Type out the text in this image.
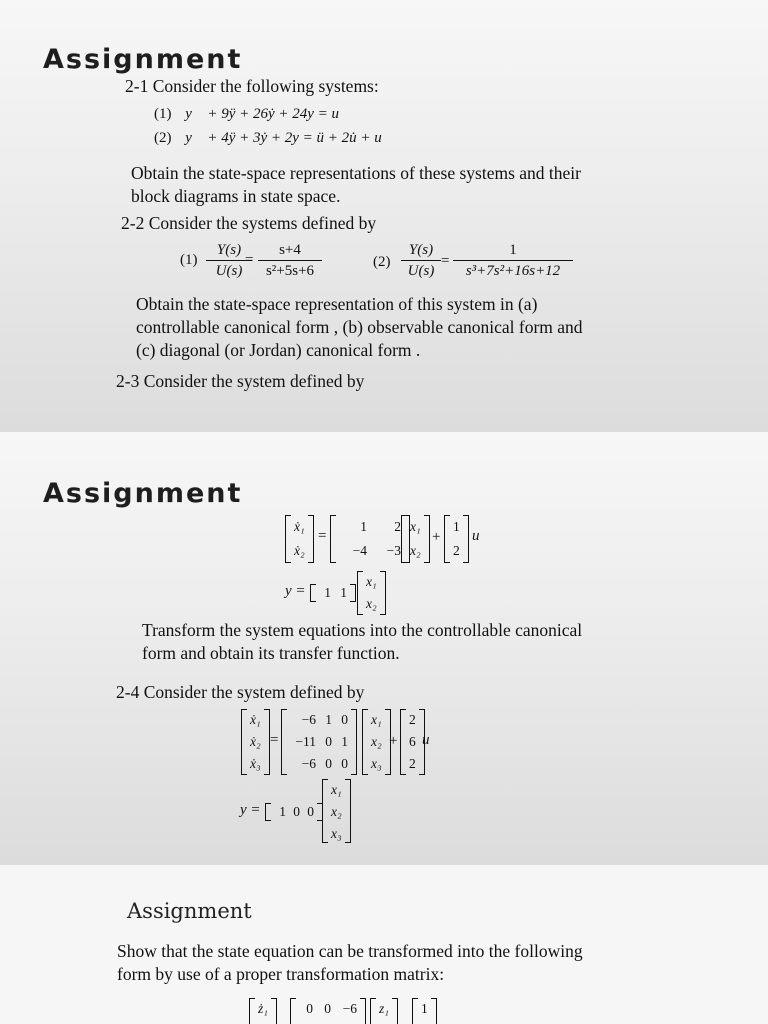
Assignment
2-1 Consider the following systems:
(1) y⃛ + 9ÿ + 26ẏ + 24y = u
(2) y⃛ + 4ÿ + 3ẏ + 2y = ü + 2u̇ + u
Obtain the state-space representations of these systems and their
block diagrams in state space.
2-2 Consider the systems defined by
(1)
Y(s)
U(s)
=
s+4
s²+5s+6
(2)
Y(s)
U(s)
=
1
s³+7s²+16s+12
Obtain the state-space representation of this system in (a)
controllable canonical form , (b) observable canonical form and
(c) diagonal (or Jordan) canonical form .
2-3 Consider the system defined by
Assignment
ẋ₁
ẋ₂
=
1	2
−4	−3
x₁
x₂
+
1
2
u
y =	1 1
x₁
x₂
Transform the system equations into the controllable canonical
form and obtain its transfer function.
2-4 Consider the system defined by
ẋ₁
ẋ₂
ẋ₃
=
−6 1 0
−11 0 1
−6 0 0
x₁
x₂
x₃
+
2
6
2
u
y =	1 0 0
x₁
x₂
x₃
Assignment
Show that the state equation can be transformed into the following
form by use of a proper transformation matrix:
ż₁	0 0 −6 z₁ 1
